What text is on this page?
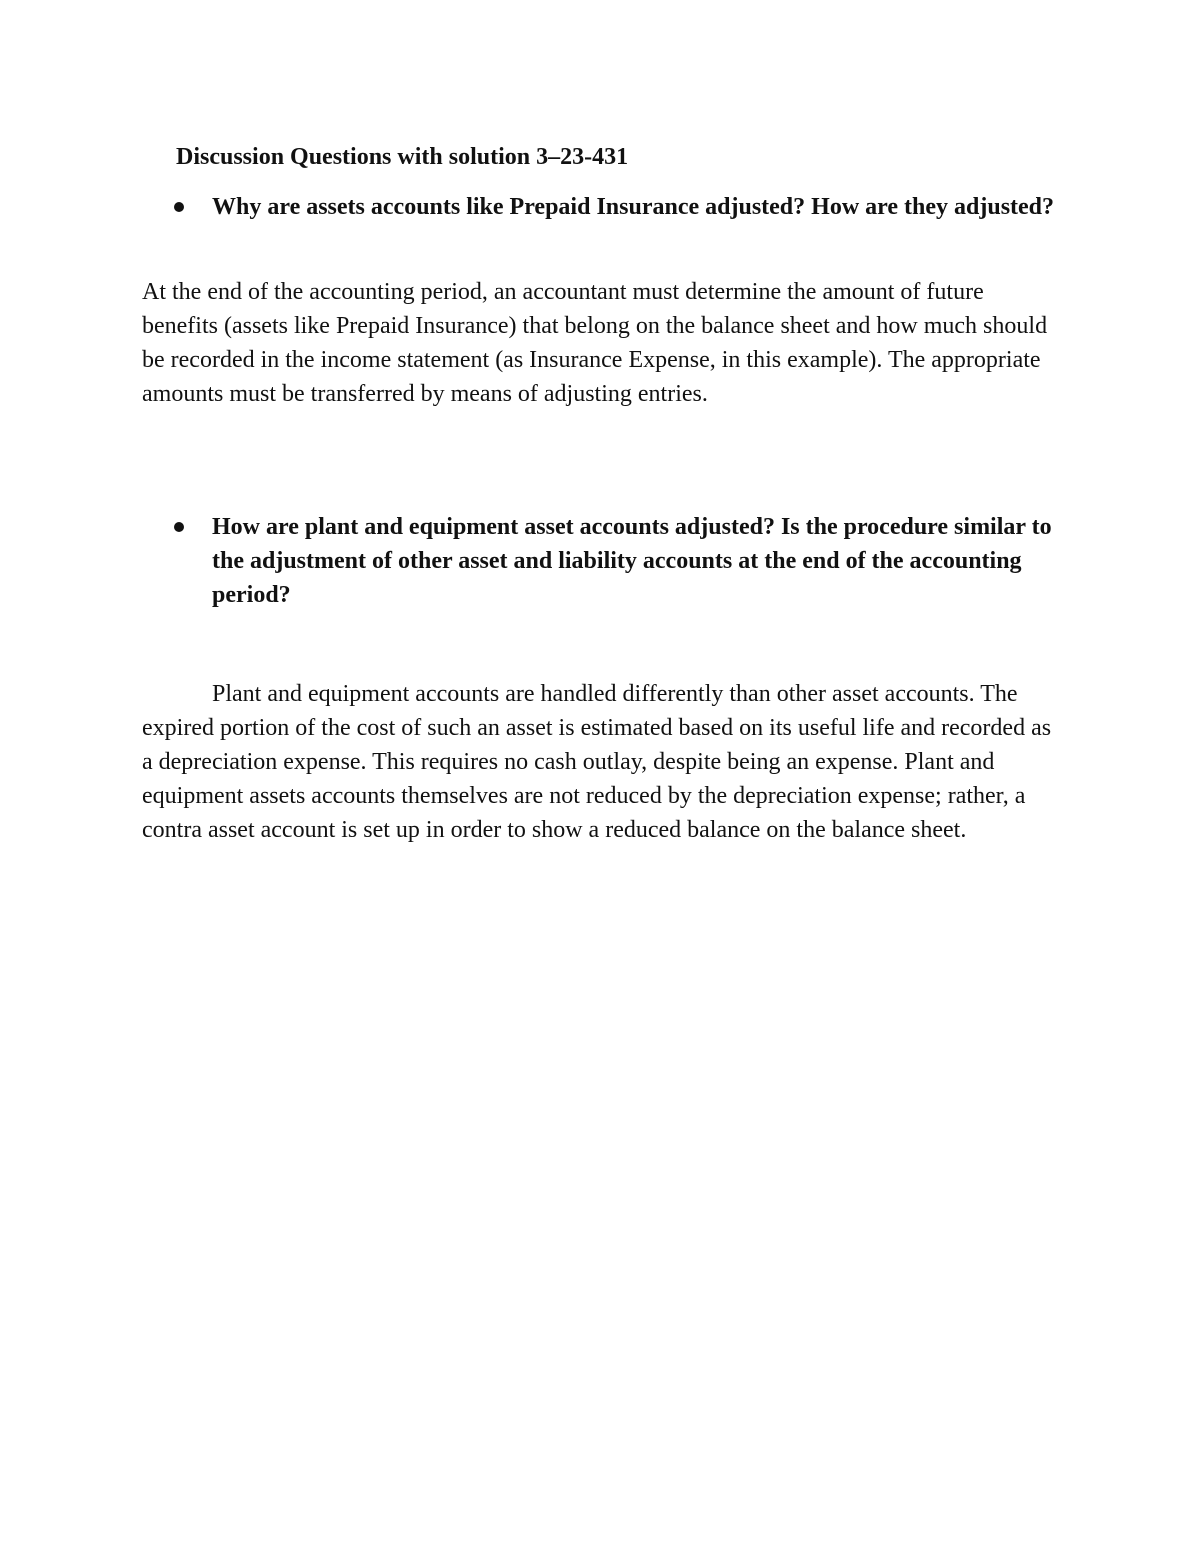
Discussion Questions with solution 3–23-431
Why are assets accounts like Prepaid Insurance adjusted? How are they adjusted?
At the end of the accounting period, an accountant must determine the amount of future benefits (assets like Prepaid Insurance) that belong on the balance sheet and how much should be recorded in the income statement (as Insurance Expense, in this example). The appropriate amounts must be transferred by means of adjusting entries.
How are plant and equipment asset accounts adjusted? Is the procedure similar to the adjustment of other asset and liability accounts at the end of the accounting period?
Plant and equipment accounts are handled differently than other asset accounts. The expired portion of the cost of such an asset is estimated based on its useful life and recorded as a depreciation expense. This requires no cash outlay, despite being an expense. Plant and equipment assets accounts themselves are not reduced by the depreciation expense; rather, a contra asset account is set up in order to show a reduced balance on the balance sheet.
